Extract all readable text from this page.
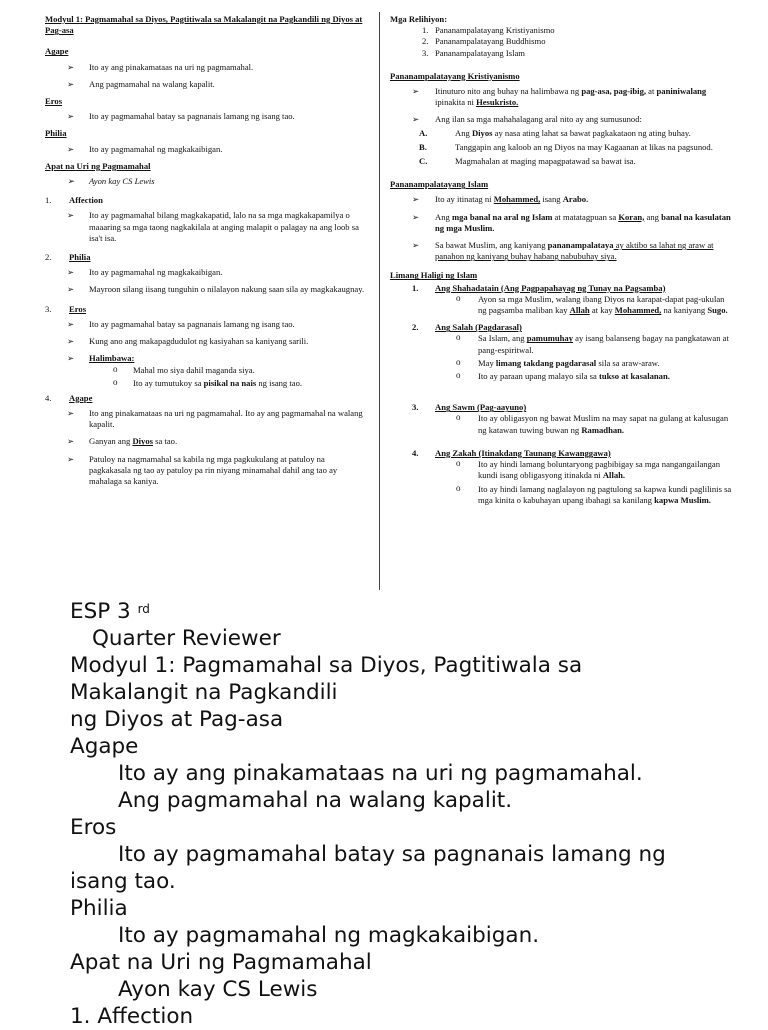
Modyul 1: Pagmamahal sa Diyos, Pagtitiwala sa Makalangit na Pagkandili ng Diyos at Pag-asa
Agape
➢ Ito ay ang pinakamataas na uri ng pagmamahal.
➢ Ang pagmamahal na walang kapalit.
Eros
➢ Ito ay pagmamahal batay sa pagnanais lamang ng isang tao.
Philia
➢ Ito ay pagmamahal ng magkakaibigan.
Apat na Uri ng Pagmamahal
➢ Ayon kay CS Lewis
1. Affection
➢ Ito ay pagmamahal bilang magkakapatid, lalo na sa mga magkakapamilya o maaaring sa mga taong nagkakilala at anging malapit o palagay na ang loob sa isa't isa.
2. Philia
➢ Ito ay pagmamahal ng magkakaibigan.
➢ Mayroon silang iisang tunguhin o nilalayon nakung saan sila ay magkakaugnay.
3. Eros
➢ Ito ay pagmamahal batay sa pagnanais lamang ng isang tao.
➢ Kung ano ang makapagdudulot ng kasiyahan sa kaniyang sarili.
➢ Halimbawa:
o Mahal mo siya dahil maganda siya.
o Ito ay tumutukoy sa pisikal na nais ng isang tao.
4. Agape
➢ Ito ang pinakamataas na uri ng pagmamahal. Ito ay ang pagmamahal na walang kapalit.
➢ Ganyan ang Diyos sa tao.
➢ Patuloy na nagmamahal sa kabila ng mga pagkukulang at patuloy na pagkakasala ng tao ay patuloy pa rin niyang minamahal dahil ang tao ay mahalaga sa kaniya.
Mga Relihiyon:
1. Pananampalatayang Kristiyanismo
2. Pananampalatayang Buddhismo
3. Pananampalatayang Islam
Pananampalatayang Kristiyanismo
➢ Itinuturo nito ang buhay na halimbawa ng pag-asa, pag-ibig, at paniniwalang ipinakita ni Hesukristo.
➢ Ang ilan sa mga mahahalagang aral nito ay ang sumusunod:
A.	Ang Diyos ay nasa ating lahat sa bawat pagkakataon ng ating buhay.
B.	Tanggapin ang kaloob an ng Diyos na may Kagaanan at likas na pagsunod.
C.	Magmahalan at maging mapagpatawad sa bawat isa.
Pananampalatayang Islam
➢ Ito ay itinatag ni Mohammed, isang Arabo.
➢ Ang mga banal na aral ng Islam at matatagpuan sa Koran, ang banal na kasulatan ng mga Muslim.
➢ Sa bawat Muslim, ang kaniyang pananampalataya ay aktibo sa lahat ng araw at panahon ng kaniyang buhay habang nabubuhay siya.
Limang Haligi ng Islam
1. Ang Shahadatain (Ang Pagpapahayag ng Tunay na Pagsamba)
o Ayon sa mga Muslim, walang ibang Diyos na karapat-dapat pag-ukulan ng pagsamba maliban kay Allah at kay Mohammed, na kaniyang Sugo.
2. Ang Salah (Pagdarasal)
o Sa Islam, ang pamumuhay ay isang balanseng bagay na pangkatawan at pang-espiritwal.
o May limang takdang pagdarasal sila sa araw-araw.
o Ito ay paraan upang malayo sila sa tukso at kasalanan.
3. Ang Sawm (Pag-aayuno)
o Ito ay obligasyon ng bawat Muslim na may sapat na gulang at kalusugan ng katawan tuwing buwan ng Ramadhan.
4. Ang Zakah (Itinakdang Taunang Kawanggawa)
o Ito ay hindi lamang boluntaryong pagbibigay sa mga nangangailangan kundi isang obligasyong itinakda ni Allah.
o Ito ay hindi lamang naglalayon ng pagtulong sa kapwa kundi paglilinis sa mga kinita o kabuhayan upang ibahagi sa kanilang kapwa Muslim.
ESP 3 $^{rd}$
Quarter Reviewer
Modyul 1: Pagmamahal sa Diyos, Pagtitiwala sa
Makalangit na Pagkandili
ng Diyos at Pag-asa
Agape
Ito ay ang pinakamataas na uri ng pagmamahal.
Ang pagmamahal na walang kapalit.
Eros
Ito ay pagmamahal batay sa pagnanais lamang ng
isang tao.
Philia
Ito ay pagmamahal ng magkakaibigan.
Apat na Uri ng Pagmamahal
Ayon kay CS Lewis
1. Affection
